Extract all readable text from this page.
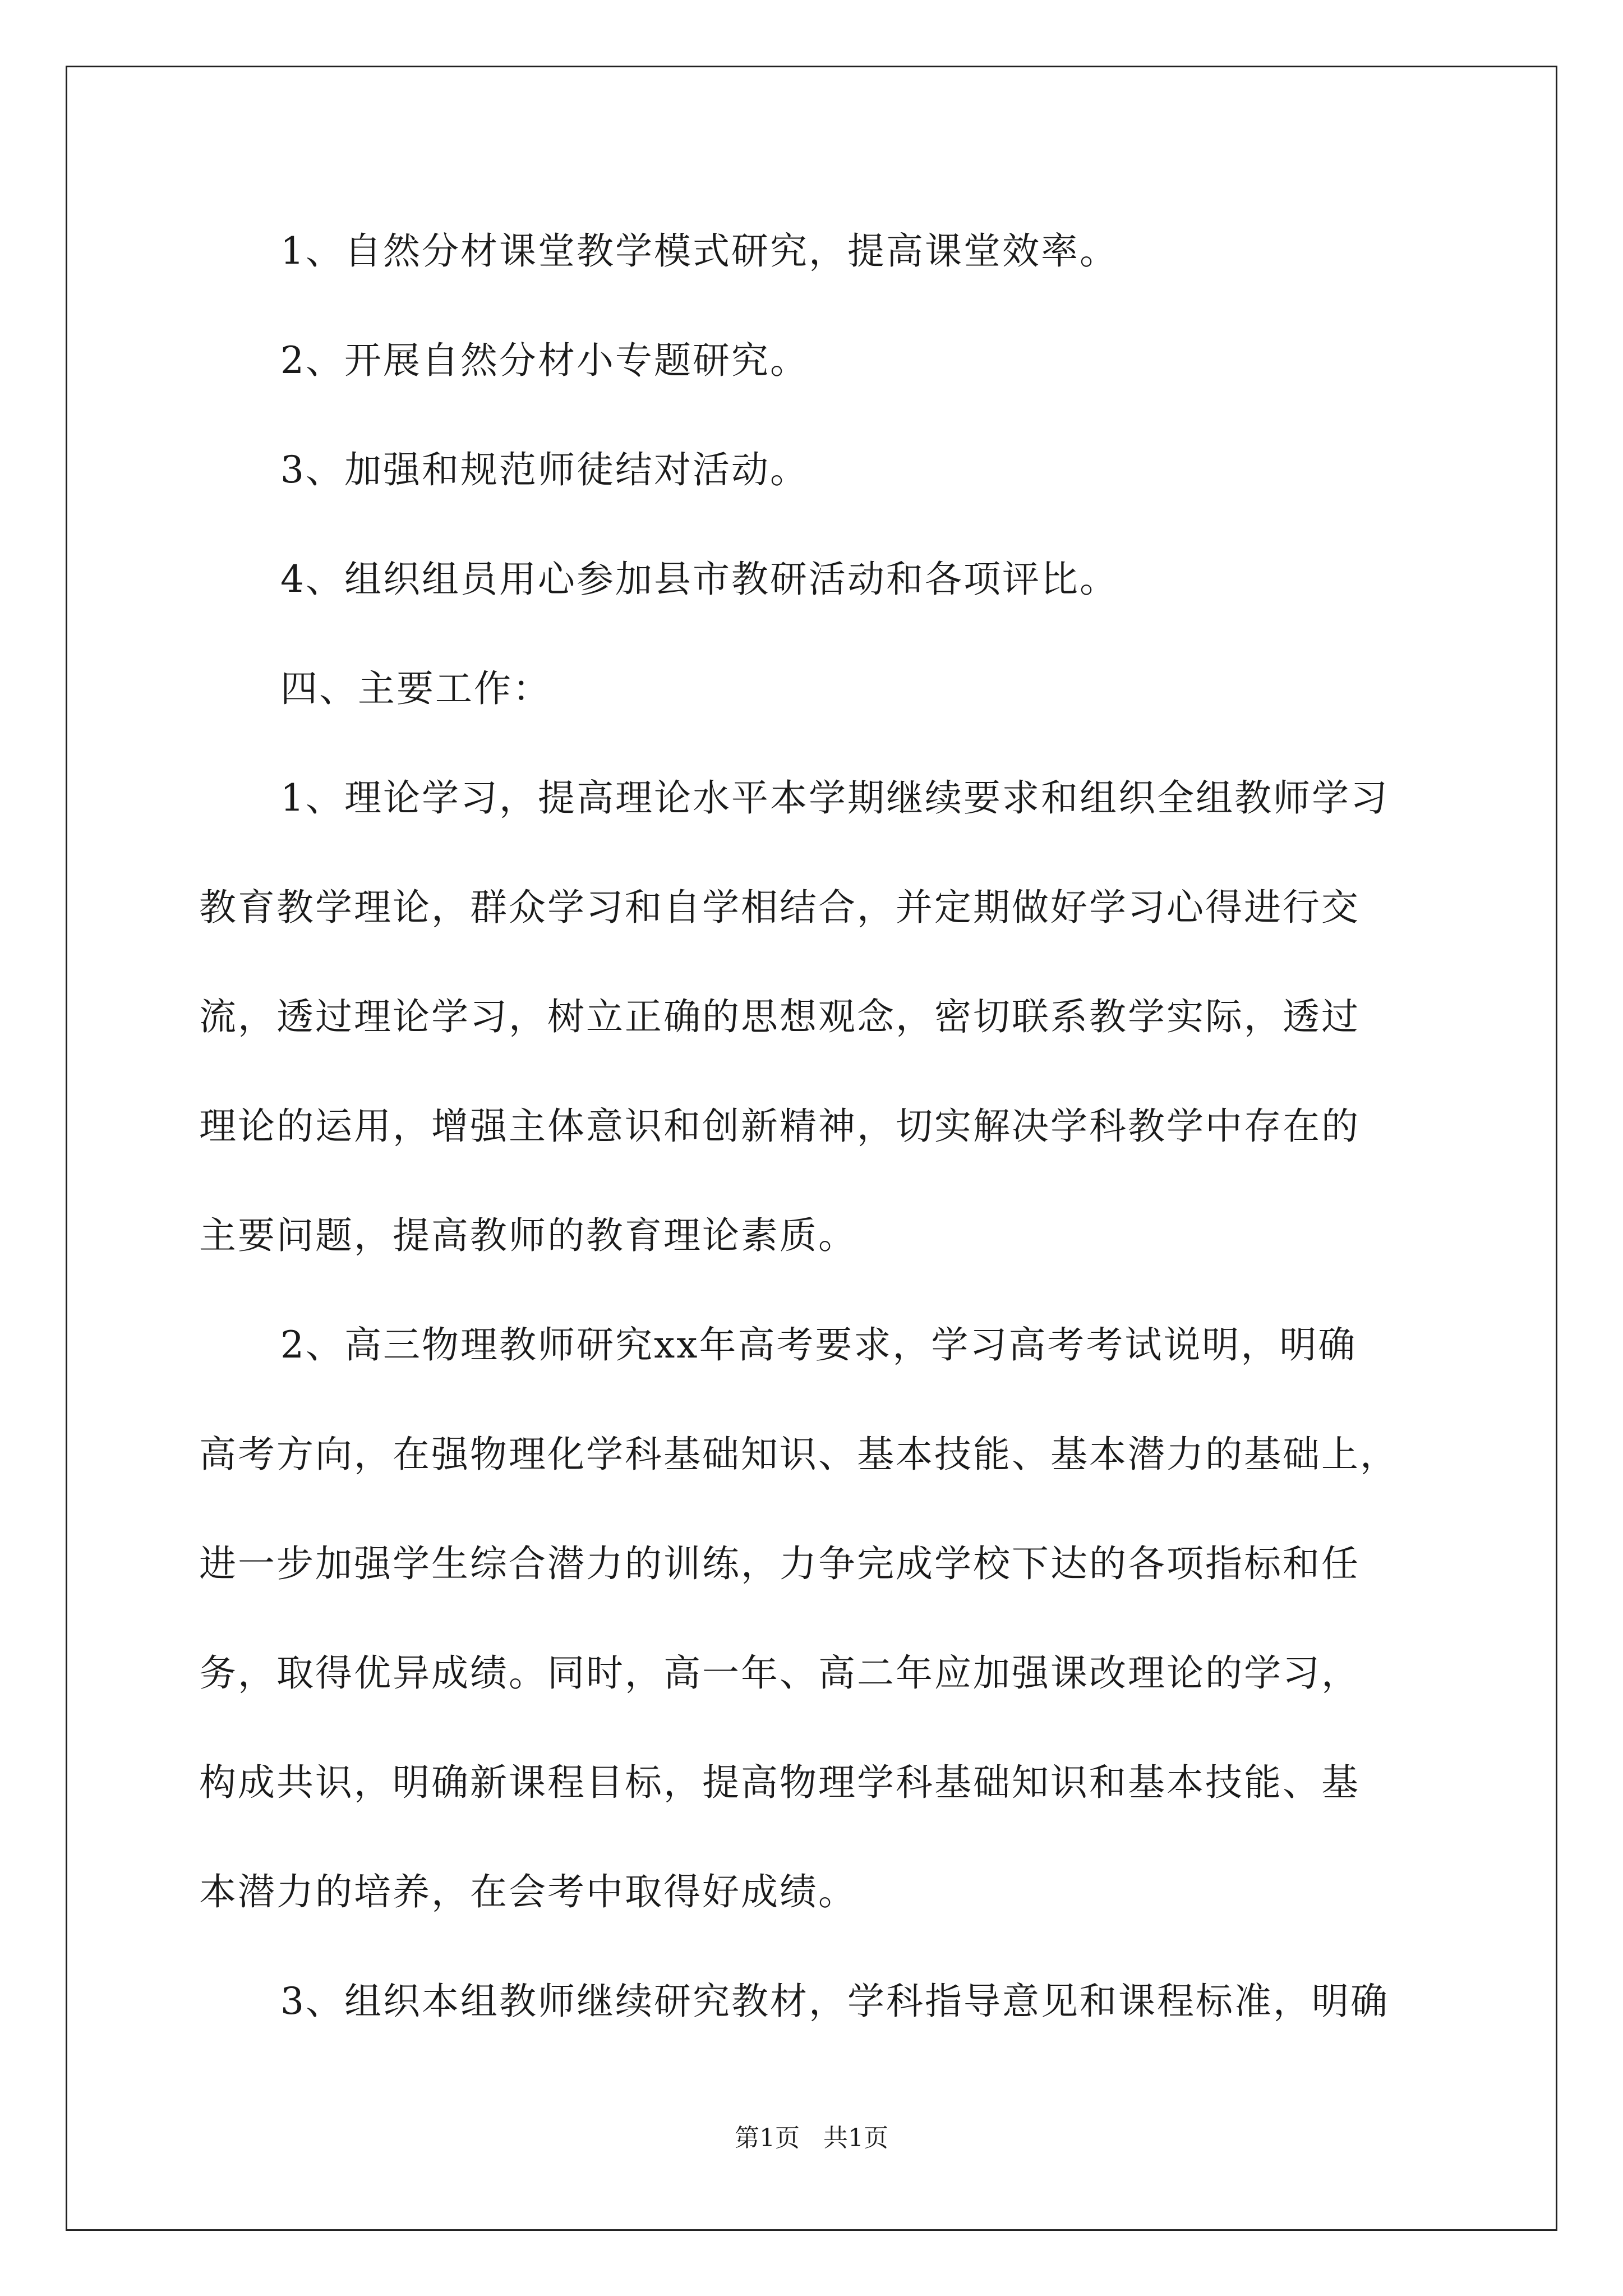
1、自然分材课堂教学模式研究，提高课堂效率。
2、开展自然分材小专题研究。
3、加强和规范师徒结对活动。
4、组织组员用心参加县市教研活动和各项评比。
四、主要工作：
1、理论学习，提高理论水平本学期继续要求和组织全组教师学习
教育教学理论，群众学习和自学相结合，并定期做好学习心得进行交
流，透过理论学习，树立正确的思想观念，密切联系教学实际，透过
理论的运用，增强主体意识和创新精神，切实解决学科教学中存在的
主要问题，提高教师的教育理论素质。
2、高三物理教师研究xx年高考要求，学习高考考试说明，明确
高考方向，在强物理化学科基础知识、基本技能、基本潜力的基础上，
进一步加强学生综合潜力的训练，力争完成学校下达的各项指标和任
务，取得优异成绩。同时，高一年、高二年应加强课改理论的学习，
构成共识，明确新课程目标，提高物理学科基础知识和基本技能、基
本潜力的培养，在会考中取得好成绩。
3、组织本组教师继续研究教材，学科指导意见和课程标准，明确
第1页   共1页
